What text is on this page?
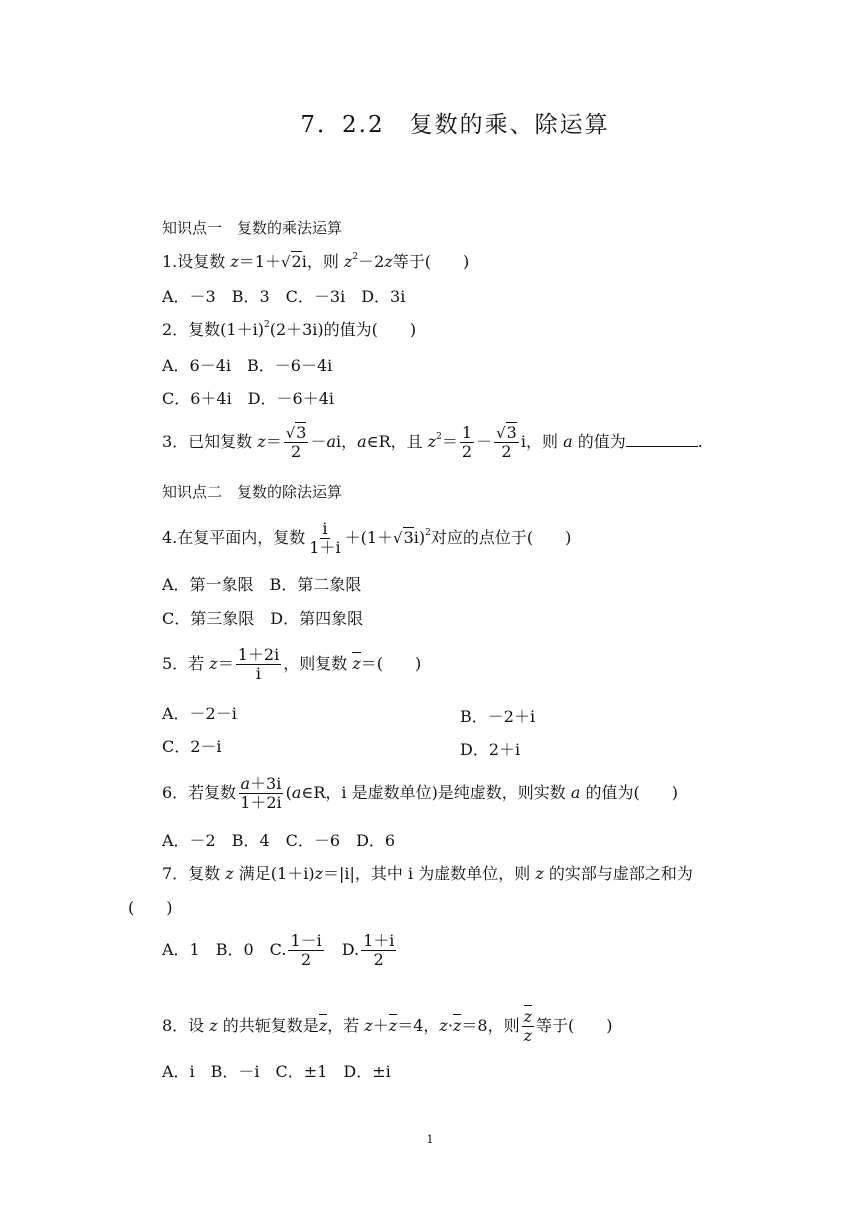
7．2.2　复数的乘、除运算
知识点一　复数的乘法运算
1.设复数 z＝1＋√2i，则 $z^2-2z$等于(　　)
A．－3　B．3　C．－3i　D．3i
2．复数$(1+i)^2(2+3i)$的值为(　　)
A．6－4i　B．－6－4i
C．6＋4i　D．－6＋4i
3．已知复数 $z= \frac{√3}{2} -ai$，a∈R，且 $z^2= \frac{1}{2} - \frac{√3}{2}$ i，则 a 的值为	.
知识点二　复数的除法运算
4.在复平面内，复数 $\frac{i}{1+i} +(1+√3i)^2$对应的点位于(　　)
A．第一象限　B．第二象限
C．第三象限　D．第四象限
5．若 $z= \frac{1+2i}{i}$ ，则复数 z＝(　　)
A．－2－i	B．－2＋i
C．2－i	D．2＋i
6．若复数 $\frac{a+3i}{1+2i}$ (a∈R，i 是虚数单位)是纯虚数，则实数 a 的值为(　　)
A．－2　B．4　C．－6　D．6
7．复数 z 满足(1＋i)z＝|i|，其中 i 为虚数单位，则 z 的实部与虚部之和为
(　　)
A．1　B．0　C. $\frac{1-i}{2}$ 　D. $\frac{1+i}{2}$
8．设 z 的共轭复数是z，若 z＋z＝4，z·z＝8，则 $\frac{z}{z}$ 等于(　　)
A．i　B．－i　C．±1　D．±i
1
